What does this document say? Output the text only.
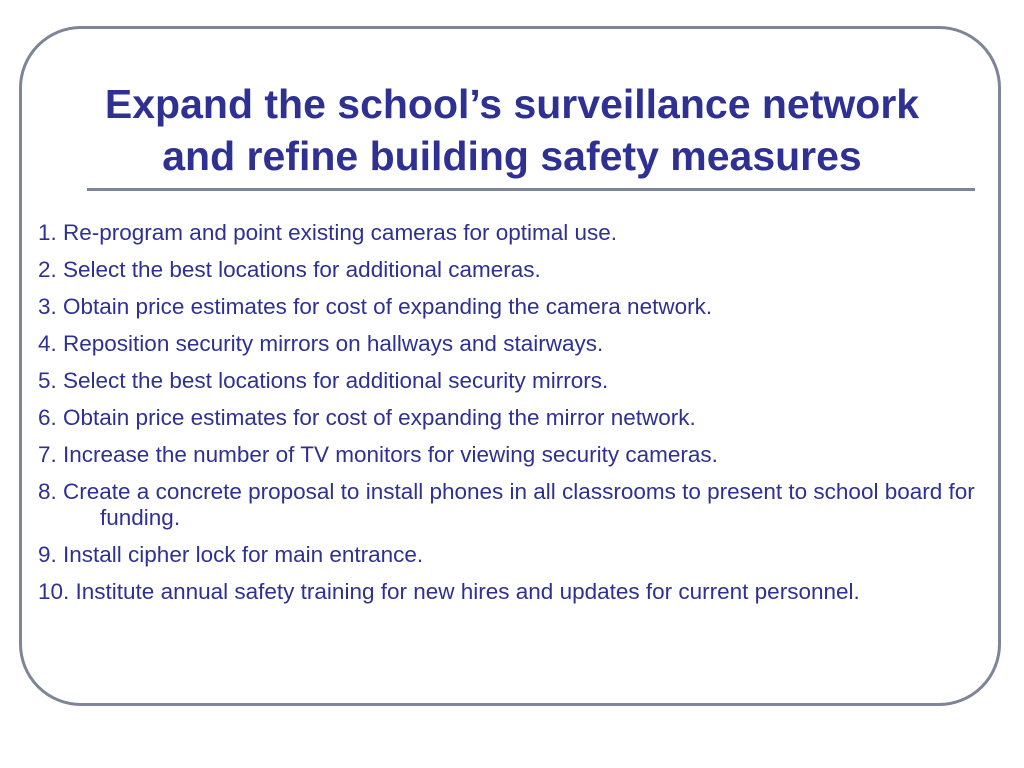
Expand the school’s surveillance network
and refine building safety measures
1. Re-program and point existing cameras for optimal use.
2. Select the best locations for additional cameras.
3. Obtain price estimates for cost of expanding the camera network.
4. Reposition security mirrors on hallways and stairways.
5. Select the best locations for additional security mirrors.
6. Obtain price estimates for cost of expanding the mirror network.
7. Increase the number of TV monitors for viewing security cameras.
8. Create a concrete proposal to install phones in all classrooms to present to school board for funding.
9. Install cipher lock for main entrance.
10. Institute annual safety training for new hires and updates for current personnel.
